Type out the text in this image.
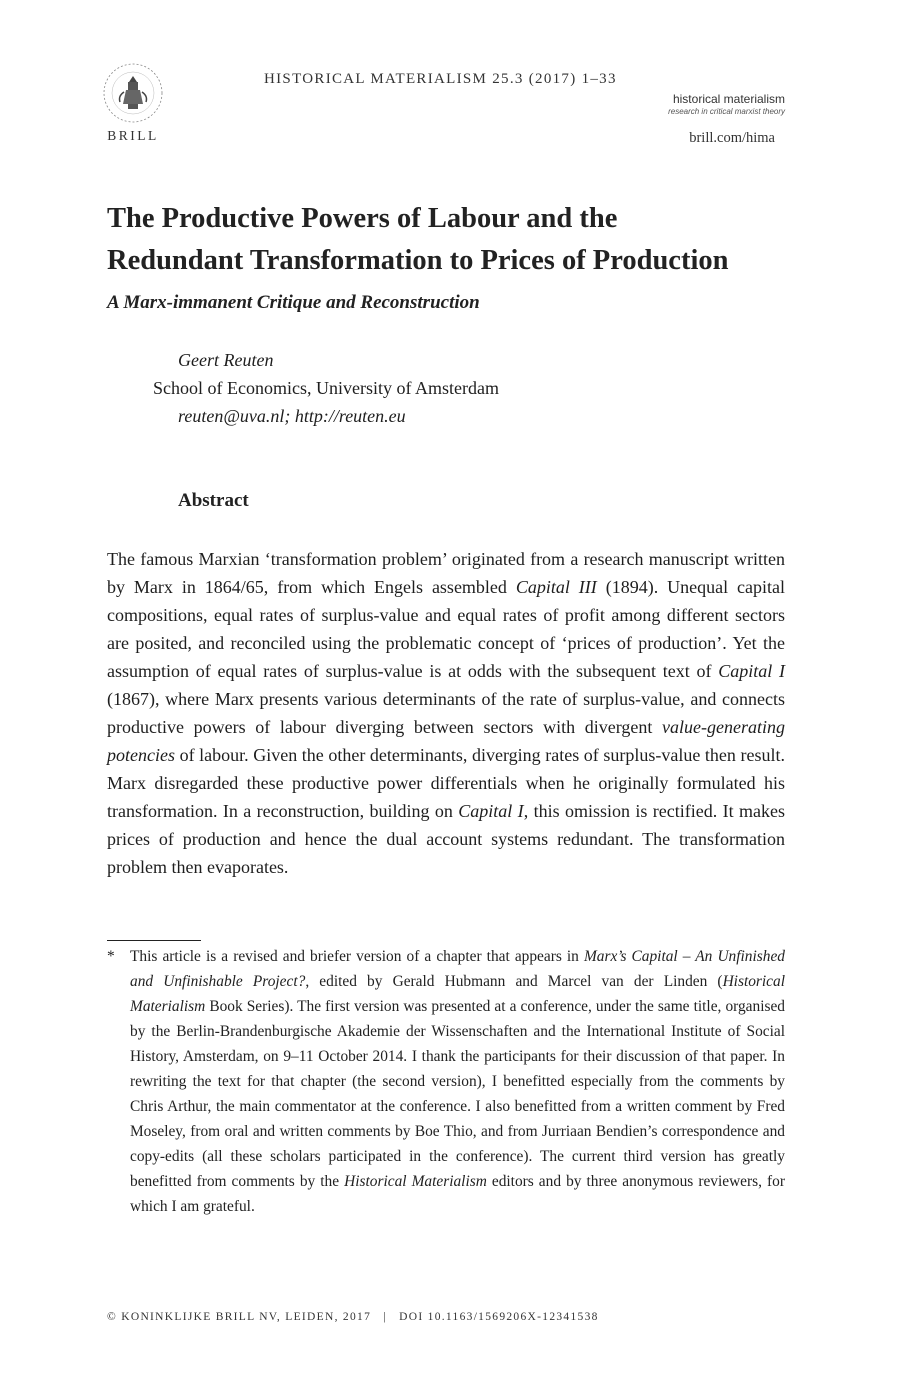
BRILL
HISTORICAL MATERIALISM 25.3 (2017) 1–33
historical materialism
research in critical marxist theory
brill.com/hima
The Productive Powers of Labour and the
Redundant Transformation to Prices of Production
A Marx-immanent Critique and Reconstruction
Geert Reuten
School of Economics, University of Amsterdam
reuten@uva.nl; http://reuten.eu
Abstract

The famous Marxian ‘transformation problem’ originated from a research manuscript written by Marx in 1864/65, from which Engels assembled Capital III (1894). Unequal capital compositions, equal rates of surplus-value and equal rates of profit among different sectors are posited, and reconciled using the problematic concept of ‘prices of production’. Yet the assumption of equal rates of surplus-value is at odds with the subsequent text of Capital I (1867), where Marx presents various determinants of the rate of surplus-value, and connects productive powers of labour diverging between sectors with divergent value-generating potencies of labour. Given the other determinants, diverging rates of surplus-value then result. Marx disregarded these productive power differentials when he originally formulated his transformation. In a reconstruction, building on Capital I, this omission is rectified. It makes prices of production and hence the dual account systems redundant. The transformation problem then evaporates.

* This article is a revised and briefer version of a chapter that appears in Marx’s Capital – An Unfinished and Unfinishable Project?, edited by Gerald Hubmann and Marcel van der Linden (Historical Materialism Book Series). The first version was presented at a conference, under the same title, organised by the Berlin-Brandenburgische Akademie der Wissenschaften and the International Institute of Social History, Amsterdam, on 9–11 October 2014. I thank the participants for their discussion of that paper. In rewriting the text for that chapter (the second version), I benefitted especially from the comments by Chris Arthur, the main commentator at the conference. I also benefitted from a written comment by Fred Moseley, from oral and written comments by Boe Thio, and from Jurriaan Bendien’s correspondence and copy-edits (all these scholars participated in the conference). The current third version has greatly benefitted from comments by the Historical Materialism editors and by three anonymous reviewers, for which I am grateful.
© KONINKLIJKE BRILL NV, LEIDEN, 2017 | DOI 10.1163/1569206X-12341538
